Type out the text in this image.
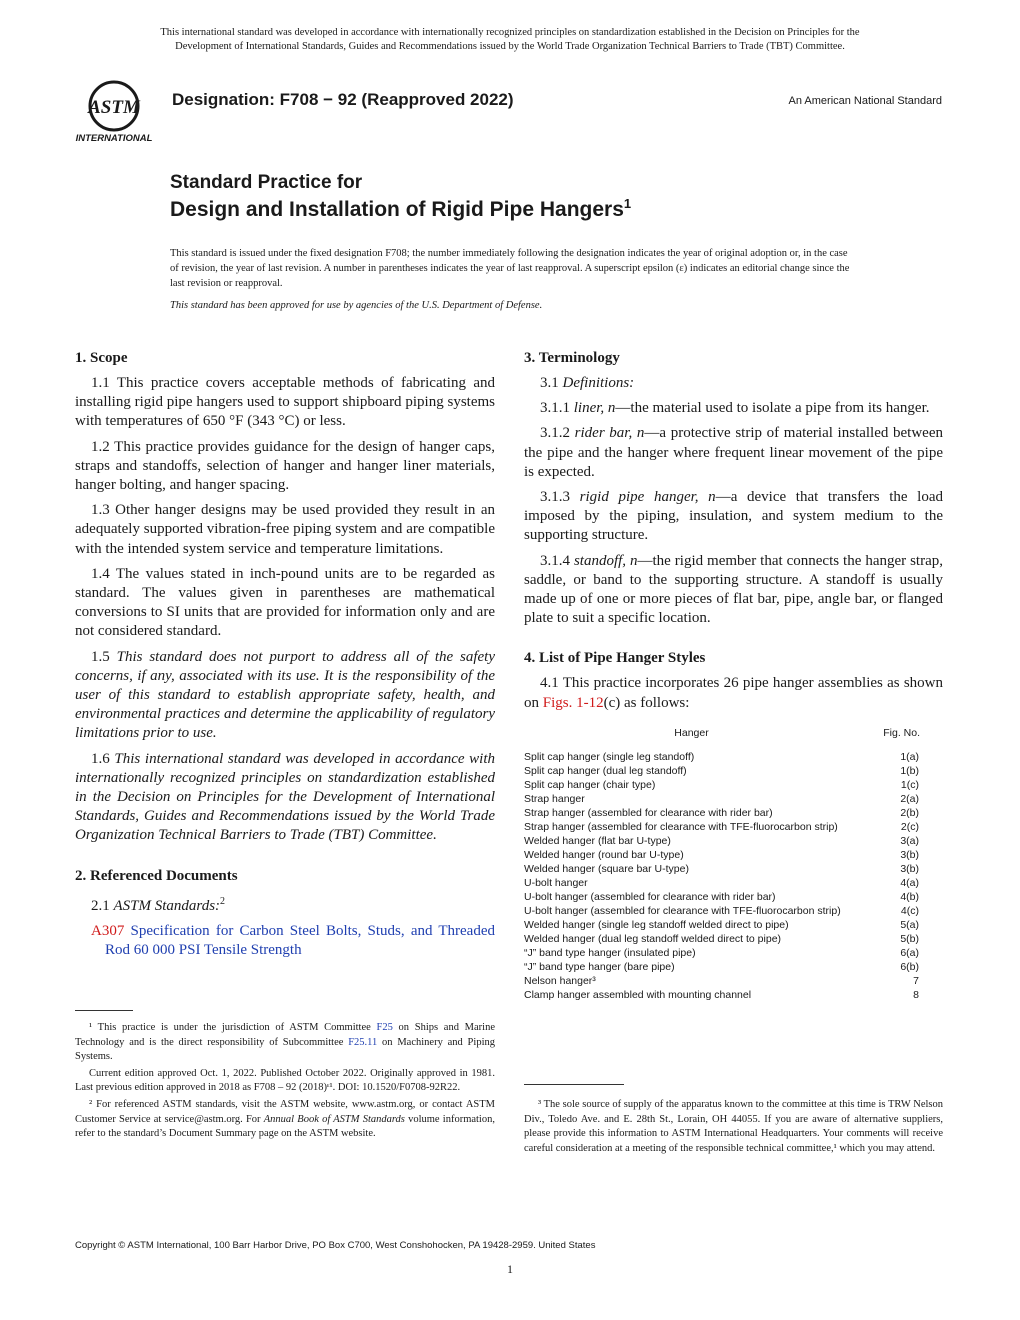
This international standard was developed in accordance with internationally recognized principles on standardization established in the Decision on Principles for the
Development of International Standards, Guides and Recommendations issued by the World Trade Organization Technical Barriers to Trade (TBT) Committee.
ASTM
INTERNATIONAL
Designation: F708 − 92 (Reapproved 2022)	An American National Standard
Standard Practice for
Design and Installation of Rigid Pipe Hangers$^1$
This standard is issued under the fixed designation F708; the number immediately following the designation indicates the year of original adoption or, in the case of revision, the year of last revision. A number in parentheses indicates the year of last reapproval. A superscript epsilon (ε) indicates an editorial change since the last revision or reapproval.
This standard has been approved for use by agencies of the U.S. Department of Defense.
1. Scope

1.1 This practice covers acceptable methods of fabricating and installing rigid pipe hangers used to support shipboard piping systems with temperatures of 650 °F (343 °C) or less.

1.2 This practice provides guidance for the design of hanger caps, straps and standoffs, selection of hanger and hanger liner materials, hanger bolting, and hanger spacing.

1.3 Other hanger designs may be used provided they result in an adequately supported vibration-free piping system and are compatible with the intended system service and temperature limitations.

1.4 The values stated in inch-pound units are to be regarded as standard. The values given in parentheses are mathematical conversions to SI units that are provided for information only and are not considered standard.

1.5 This standard does not purport to address all of the safety concerns, if any, associated with its use. It is the responsibility of the user of this standard to establish appropriate safety, health, and environmental practices and determine the applicability of regulatory limitations prior to use.

1.6 This international standard was developed in accordance with internationally recognized principles on standardization established in the Decision on Principles for the Development of International Standards, Guides and Recommendations issued by the World Trade Organization Technical Barriers to Trade (TBT) Committee.

2. Referenced Documents

2.1 ASTM Standards:$^2$

A307 Specification for Carbon Steel Bolts, Studs, and Threaded Rod 60 000 PSI Tensile Strength
3. Terminology

3.1 Definitions:

3.1.1 liner, n—the material used to isolate a pipe from its hanger.

3.1.2 rider bar, n—a protective strip of material installed between the pipe and the hanger where frequent linear movement of the pipe is expected.

3.1.3 rigid pipe hanger, n—a device that transfers the load imposed by the piping, insulation, and system medium to the supporting structure.

3.1.4 standoff, n—the rigid member that connects the hanger strap, saddle, or band to the supporting structure. A standoff is usually made up of one or more pieces of flat bar, pipe, angle bar, or flanged plate to suit a specific location.

4. List of Pipe Hanger Styles

4.1 This practice incorporates 26 pipe hanger assemblies as shown on Figs. 1-12(c) as follows:

Hanger	Fig. No.
Split cap hanger (single leg standoff)	1(a)
Split cap hanger (dual leg standoff)	1(b)
Split cap hanger (chair type)	1(c)
Strap hanger	2(a)
Strap hanger (assembled for clearance with rider bar)	2(b)
Strap hanger (assembled for clearance with TFE-fluorocarbon strip)	2(c)
Welded hanger (flat bar U-type)	3(a)
Welded hanger (round bar U-type)	3(b)
Welded hanger (square bar U-type)	3(b)
U-bolt hanger	4(a)
U-bolt hanger (assembled for clearance with rider bar)	4(b)
U-bolt hanger (assembled for clearance with TFE-fluorocarbon strip)	4(c)
Welded hanger (single leg standoff welded direct to pipe)	5(a)
Welded hanger (dual leg standoff welded direct to pipe)	5(b)
“J” band type hanger (insulated pipe)	6(a)
“J” band type hanger (bare pipe)	6(b)
Nelson hanger³	7
Clamp hanger assembled with mounting channel	8

¹ This practice is under the jurisdiction of ASTM Committee F25 on Ships and Marine Technology and is the direct responsibility of Subcommittee F25.11 on Machinery and Piping Systems.

Current edition approved Oct. 1, 2022. Published October 2022. Originally approved in 1981. Last previous edition approved in 2018 as F708 – 92 (2018)ᵋ¹. DOI: 10.1520/F0708-92R22.

² For referenced ASTM standards, visit the ASTM website, www.astm.org, or contact ASTM Customer Service at service@astm.org. For Annual Book of ASTM Standards volume information, refer to the standard’s Document Summary page on the ASTM website.

³ The sole source of supply of the apparatus known to the committee at this time is TRW Nelson Div., Toledo Ave. and E. 28th St., Lorain, OH 44055. If you are aware of alternative suppliers, please provide this information to ASTM International Headquarters. Your comments will receive careful consideration at a meeting of the responsible technical committee,¹ which you may attend.

Copyright © ASTM International, 100 Barr Harbor Drive, PO Box C700, West Conshohocken, PA 19428-2959. United States
1
